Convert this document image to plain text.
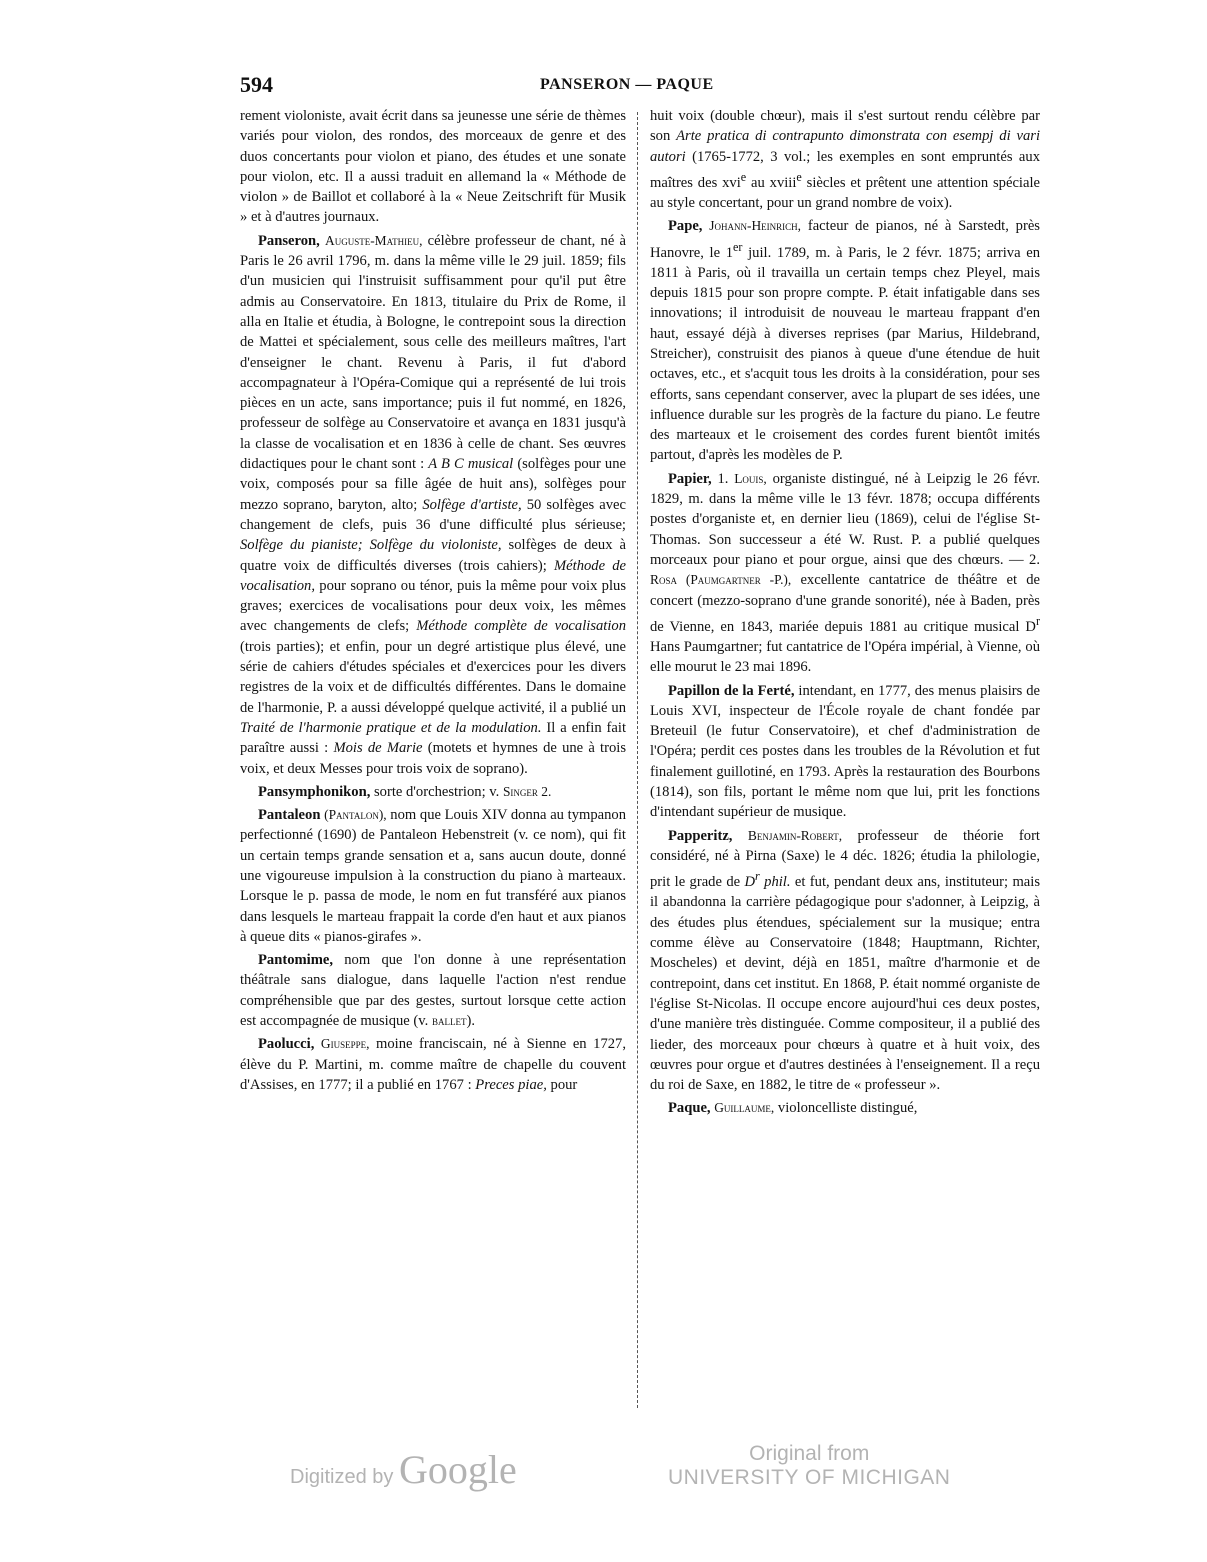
594	PANSERON — PAQUE

rement violoniste, avait écrit dans sa jeunesse une série de thèmes variés pour violon, des rondos, des morceaux de genre et des duos concertants pour violon et piano, des études et une sonate pour violon, etc. Il a aussi traduit en allemand la « Méthode de violon » de Baillot et collaboré à la « Neue Zeitschrift für Musik » et à d'autres journaux.

Panseron, Auguste-Mathieu, célèbre professeur de chant, né à Paris le 26 avril 1796, m. dans la même ville le 29 juil. 1859; fils d'un musicien qui l'instruisit suffisamment pour qu'il put être admis au Conservatoire. En 1813, titulaire du Prix de Rome, il alla en Italie et étudia, à Bologne, le contrepoint sous la direction de Mattei et spécialement, sous celle des meilleurs maîtres, l'art d'enseigner le chant. Revenu à Paris, il fut d'abord accompagnateur à l'Opéra-Comique qui a représenté de lui trois pièces en un acte, sans importance; puis il fut nommé, en 1826, professeur de solfège au Conservatoire et avança en 1831 jusqu'à la classe de vocalisation et en 1836 à celle de chant. Ses œuvres didactiques pour le chant sont : A B C musical (solfèges pour une voix, composés pour sa fille âgée de huit ans), solfèges pour mezzo soprano, baryton, alto; Solfège d'artiste, 50 solfèges avec changement de clefs, puis 36 d'une difficulté plus sérieuse; Solfège du pianiste; Solfège du violoniste, solfèges de deux à quatre voix de difficultés diverses (trois cahiers); Méthode de vocalisation, pour soprano ou ténor, puis la même pour voix plus graves; exercices de vocalisations pour deux voix, les mêmes avec changements de clefs; Méthode complète de vocalisation (trois parties); et enfin, pour un degré artistique plus élevé, une série de cahiers d'études spéciales et d'exercices pour les divers registres de la voix et de difficultés différentes. Dans le domaine de l'harmonie, P. a aussi développé quelque activité, il a publié un Traité de l'harmonie pratique et de la modulation. Il a enfin fait paraître aussi : Mois de Marie (motets et hymnes de une à trois voix, et deux Messes pour trois voix de soprano).

Pansymphonikon, sorte d'orchestrion; v. Singer 2.

Pantaleon (Pantalon), nom que Louis XIV donna au tympanon perfectionné (1690) de Pantaleon Hebenstreit (v. ce nom), qui fit un certain temps grande sensation et a, sans aucun doute, donné une vigoureuse impulsion à la construction du piano à marteaux. Lorsque le p. passa de mode, le nom en fut transféré aux pianos dans lesquels le marteau frappait la corde d'en haut et aux pianos à queue dits « pianos-girafes ».

Pantomime, nom que l'on donne à une représentation théâtrale sans dialogue, dans laquelle l'action n'est rendue compréhensible que par des gestes, surtout lorsque cette action est accompagnée de musique (v. ballet).

Paolucci, Giuseppe, moine franciscain, né à Sienne en 1727, élève du P. Martini, m. comme maître de chapelle du couvent d'Assises, en 1777; il a publié en 1767 : Preces piae, pour

huit voix (double chœur), mais il s'est surtout rendu célèbre par son Arte pratica di contrapunto dimonstrata con esempj di vari autori (1765-1772, 3 vol.; les exemples en sont empruntés aux maîtres des xvi$^e$ au xviii$^e$ siècles et prêtent une attention spéciale au style concertant, pour un grand nombre de voix).

Pape, Johann-Heinrich, facteur de pianos, né à Sarstedt, près Hanovre, le 1er juil. 1789, m. à Paris, le 2 févr. 1875; arriva en 1811 à Paris, où il travailla un certain temps chez Pleyel, mais depuis 1815 pour son propre compte. P. était infatigable dans ses innovations; il introduisit de nouveau le marteau frappant d'en haut, essayé déjà à diverses reprises (par Marius, Hildebrand, Streicher), construisit des pianos à queue d'une étendue de huit octaves, etc., et s'acquit tous les droits à la considération, pour ses efforts, sans cependant conserver, avec la plupart de ses idées, une influence durable sur les progrès de la facture du piano. Le feutre des marteaux et le croisement des cordes furent bientôt imités partout, d'après les modèles de P.

Papier, 1. Louis, organiste distingué, né à Leipzig le 26 févr. 1829, m. dans la même ville le 13 févr. 1878; occupa différents postes d'organiste et, en dernier lieu (1869), celui de l'église St-Thomas. Son successeur a été W. Rust. P. a publié quelques morceaux pour piano et pour orgue, ainsi que des chœurs. — 2. Rosa (Paumgartner -P.), excellente cantatrice de théâtre et de concert (mezzo-soprano d'une grande sonorité), née à Baden, près de Vienne, en 1843, mariée depuis 1881 au critique musical $D^r$ Hans Paumgartner; fut cantatrice de l'Opéra impérial, à Vienne, où elle mourut le 23 mai 1896.

Papillon de la Ferté, intendant, en 1777, des menus plaisirs de Louis XVI, inspecteur de l'École royale de chant fondée par Breteuil (le futur Conservatoire), et chef d'administration de l'Opéra; perdit ces postes dans les troubles de la Révolution et fut finalement guillotiné, en 1793. Après la restauration des Bourbons (1814), son fils, portant le même nom que lui, prit les fonctions d'intendant supérieur de musique.

Papperitz, Benjamin-Robert, professeur de théorie fort considéré, né à Pirna (Saxe) le 4 déc. 1826; étudia la philologie, prit le grade de $D^r$ phil. et fut, pendant deux ans, instituteur; mais il abandonna la carrière pédagogique pour s'adonner, à Leipzig, à des études plus étendues, spécialement sur la musique; entra comme élève au Conservatoire (1848; Hauptmann, Richter, Moscheles) et devint, déjà en 1851, maître d'harmonie et de contrepoint, dans cet institut. En 1868, P. était nommé organiste de l'église St-Nicolas. Il occupe encore aujourd'hui ces deux postes, d'une manière très distinguée. Comme compositeur, il a publié des lieder, des morceaux pour chœurs à quatre et à huit voix, des œuvres pour orgue et d'autres destinées à l'enseignement. Il a reçu du roi de Saxe, en 1882, le titre de « professeur ».

Paque, Guillaume, violoncelliste distingué,

Digitized by Google	Original from
UNIVERSITY OF MICHIGAN
